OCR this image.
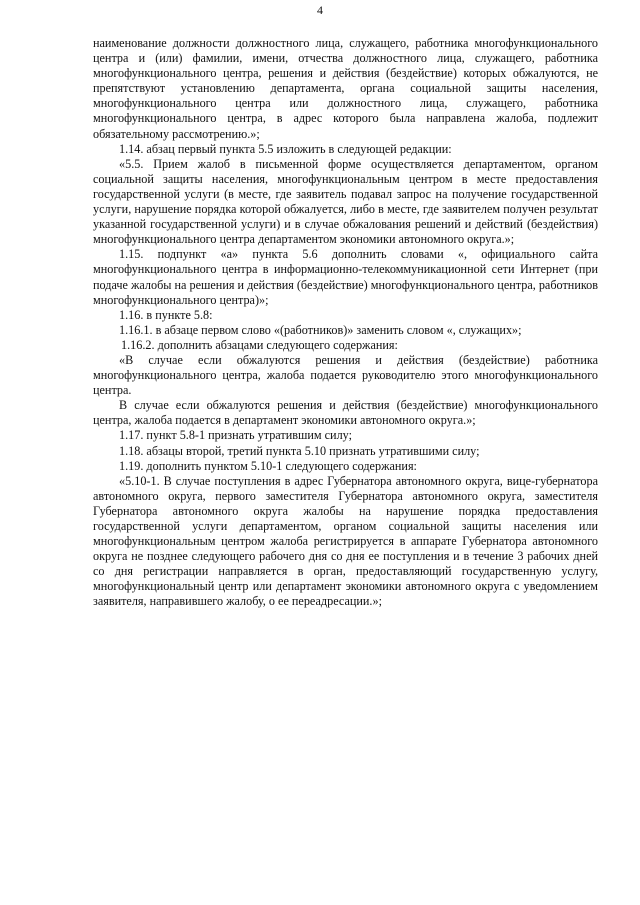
4

наименование должности должностного лица, служащего, работника многофункционального центра и (или) фамилии, имени, отчества должностного лица, служащего, работника многофункционального центра, решения и действия (бездействие) которых обжалуются, не препятствуют установлению департамента, органа социальной защиты населения, многофункционального центра или должностного лица, служащего, работника многофункционального центра, в адрес которого была направлена жалоба, подлежит обязательному рассмотрению.»;

1.14. абзац первый пункта 5.5 изложить в следующей редакции:

«5.5. Прием жалоб в письменной форме осуществляется департаментом, органом социальной защиты населения, многофункциональным центром в месте предоставления государственной услуги (в месте, где заявитель подавал запрос на получение государственной услуги, нарушение порядка которой обжалуется, либо в месте, где заявителем получен результат указанной государственной услуги) и в случае обжалования решений и действий (бездействия) многофункционального центра департаментом экономики автономного округа.»;

1.15. подпункт «а» пункта 5.6 дополнить словами «, официального сайта многофункционального центра в информационно-телекоммуникационной сети Интернет (при подаче жалобы на решения и действия (бездействие) многофункционального центра, работников многофункционального центра)»;

1.16. в пункте 5.8:

1.16.1. в абзаце первом слово «(работников)» заменить словом «, служащих»;

1.16.2. дополнить абзацами следующего содержания:

«В случае если обжалуются решения и действия (бездействие) работника многофункционального центра, жалоба подается руководителю этого многофункционального центра.

В случае если обжалуются решения и действия (бездействие) многофункционального центра, жалоба подается в департамент экономики автономного округа.»;

1.17. пункт 5.8-1 признать утратившим силу;

1.18. абзацы второй, третий пункта 5.10 признать утратившими силу;

1.19. дополнить пунктом 5.10-1 следующего содержания:

«5.10-1. В случае поступления в адрес Губернатора автономного округа, вице-губернатора автономного округа, первого заместителя Губернатора автономного округа, заместителя Губернатора автономного округа жалобы на нарушение порядка предоставления государственной услуги департаментом, органом социальной защиты населения или многофункциональным центром жалоба регистрируется в аппарате Губернатора автономного округа не позднее следующего рабочего дня со дня ее поступления и в течение 3 рабочих дней со дня регистрации направляется в орган, предоставляющий государственную услугу, многофункциональный центр или департамент экономики автономного округа с уведомлением заявителя, направившего жалобу, о ее переадресации.»;
